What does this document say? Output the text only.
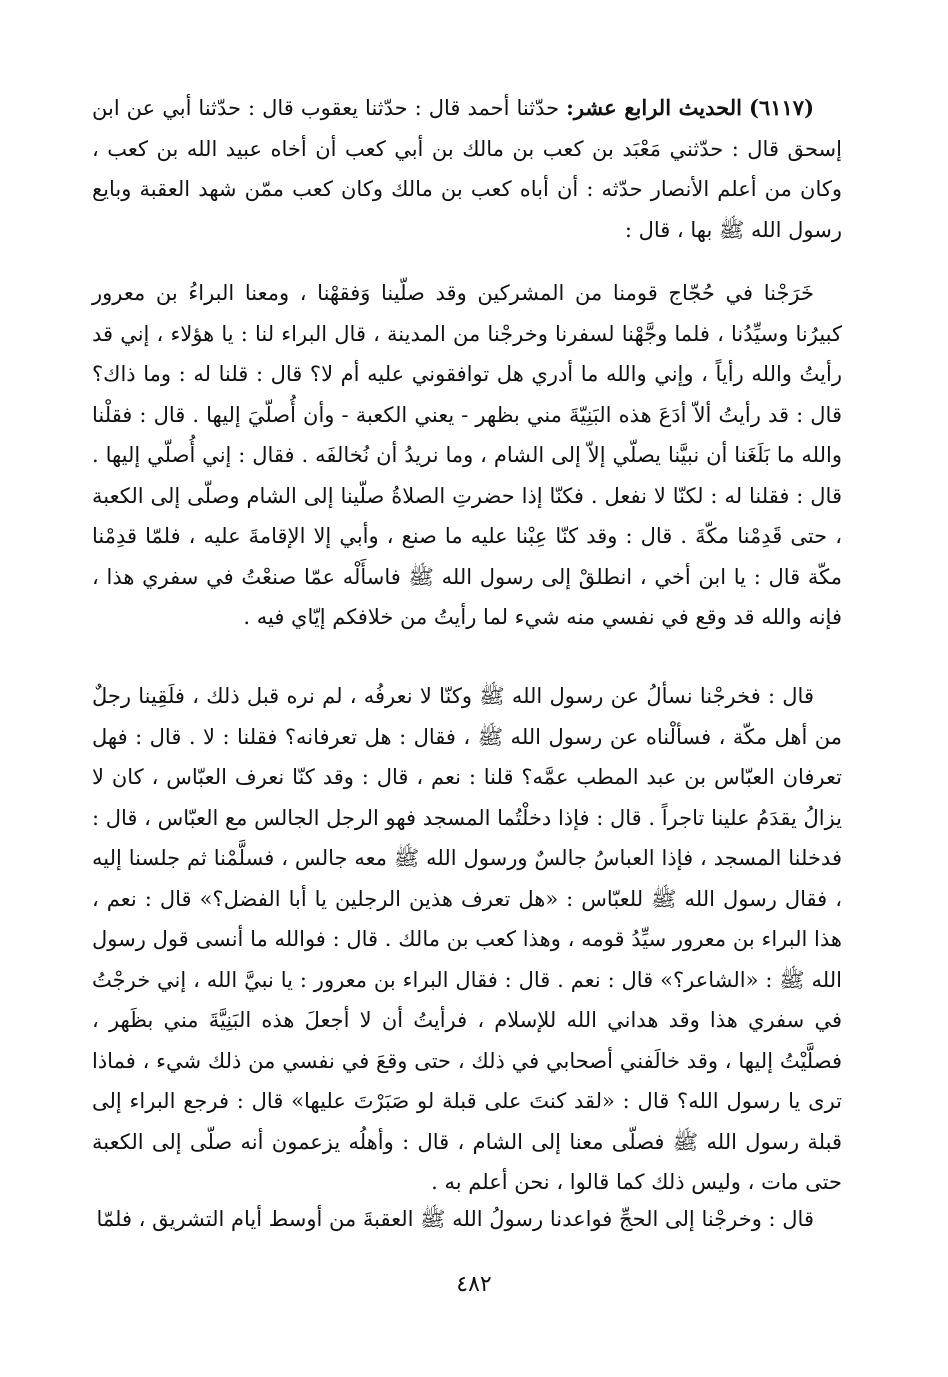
(٦١١٧) الحديث الرابع عشر: حدّثنا أحمد قال : حدّثنا يعقوب قال : حدّثنا أبي عن ابن إسحق قال : حدّثني مَعْبَد بن كعب بن مالك بن أبي كعب أن أخاه عبيد الله بن كعب ، وكان من أعلم الأنصار حدّثه : أن أباه كعب بن مالك وكان كعب ممّن شهد العقبة وبايع رسول الله ﷺ بها ، قال :

خَرَجْنا في حُجّاج قومنا من المشركين وقد صلّينا وَفقهْنا ، ومعنا البراءُ بن معرور كبيرُنا وسيِّدُنا ، فلما وجَّهْنا لسفرنا وخرجْنا من المدينة ، قال البراء لنا : يا هؤلاء ، إني قد رأيتُ والله رأياً ، وإني والله ما أدري هل توافقوني عليه أم لا؟ قال : قلنا له : وما ذاك؟ قال : قد رأيتُ ألاّ أدَعَ هذه البَنِيّةَ مني بظهر - يعني الكعبة - وأن أُصلّيَ إليها . قال : فقلْنا والله ما بَلَغَنا أن نبيَّنا يصلّي إلاّ إلى الشام ، وما نريدُ أن نُخالفَه . فقال : إني أُصلّي إليها . قال : فقلنا له : لكنّا لا نفعل . فكنّا إذا حضرتِ الصلاةُ صلّينا إلى الشام وصلّى إلى الكعبة ، حتى قَدِمْنا مكّةَ . قال : وقد كنّا عِبْنا عليه ما صنع ، وأبي إلا الإقامةَ عليه ، فلمّا قدِمْنا مكّة قال : يا ابن أخي ، انطلقْ إلى رسول الله ﷺ فاسأَلْه عمّا صنعْتُ في سفري هذا ، فإنه والله قد وقع في نفسي منه شيء لما رأيتُ من خلافكم إيّاي فيه .

قال : فخرجْنا نسألُ عن رسول الله ﷺ وكنّا لا نعرفُه ، لم نره قبل ذلك ، فلَقِينا رجلٌ من أهل مكّة ، فسألْناه عن رسول الله ﷺ ، فقال : هل تعرفانه؟ فقلنا : لا . قال : فهل تعرفان العبّاس بن عبد المطب عمَّه؟ قلنا : نعم ، قال : وقد كنّا نعرف العبّاس ، كان لا يزالُ يقدَمُ علينا تاجراً . قال : فإذا دخلْتُما المسجد فهو الرجل الجالس مع العبّاس ، قال : فدخلنا المسجد ، فإذا العباسُ جالسٌ ورسول الله ﷺ معه جالس ، فسلَّمْنا ثم جلسنا إليه ، فقال رسول الله ﷺ للعبّاس : «هل تعرف هذين الرجلين يا أبا الفضل؟» قال : نعم ، هذا البراء بن معرور سيِّدُ قومه ، وهذا كعب بن مالك . قال : فوالله ما أنسى قول رسول الله ﷺ : «الشاعر؟» قال : نعم . قال : فقال البراء بن معرور : يا نبيَّ الله ، إني خرجْتُ في سفري هذا وقد هداني الله للإسلام ، فرأيتُ أن لا أجعلَ هذه البَنِيَّةَ مني بظَهر ، فصلَّيْتُ إليها ، وقد خالَفني أصحابي في ذلك ، حتى وقعَ في نفسي من ذلك شيء ، فماذا ترى يا رسول الله؟ قال : «لقد كنتَ على قبلة لو صَبَرْتَ عليها» قال : فرجع البراء إلى قبلة رسول الله ﷺ فصلّى معنا إلى الشام ، قال : وأهلُه يزعمون أنه صلّى إلى الكعبة حتى مات ، وليس ذلك كما قالوا ، نحن أعلم به .

قال : وخرجْنا إلى الحجِّ فواعدنا رسولُ الله ﷺ العقبةَ من أوسط أيام التشريق ، فلمّا

٤٨٢
